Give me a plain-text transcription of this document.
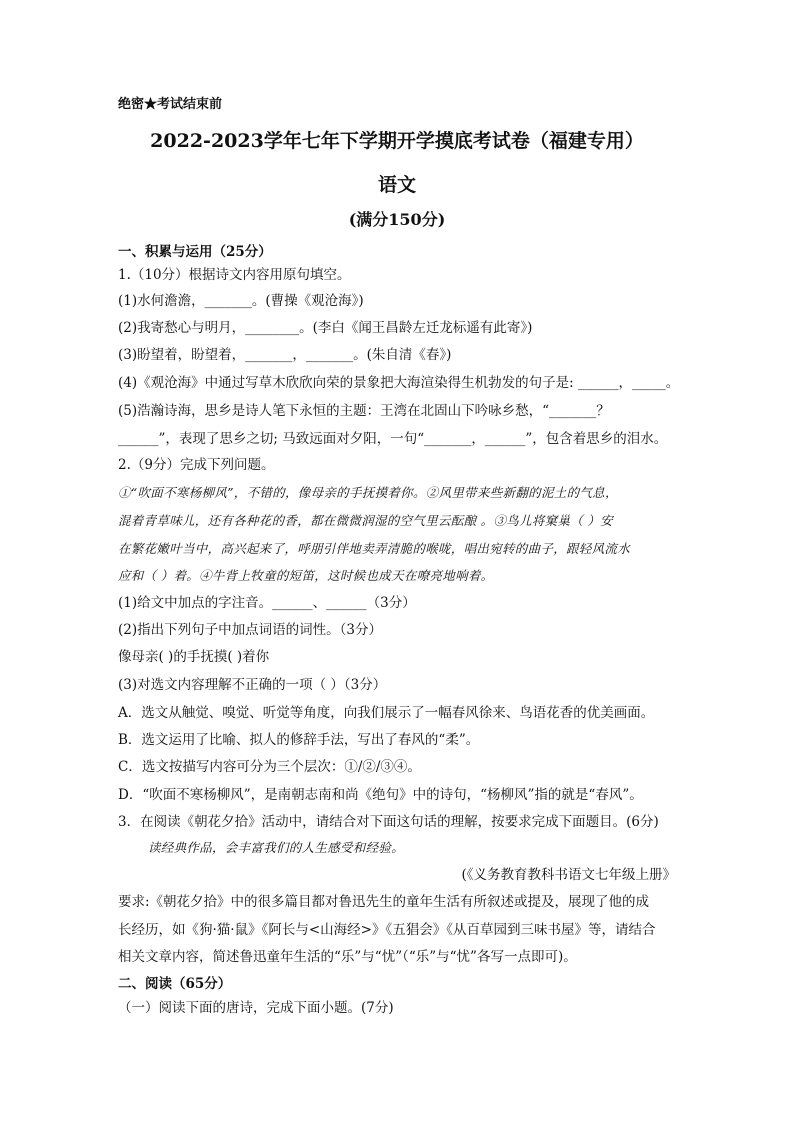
绝密★考试结束前
2022-2023学年七年下学期开学摸底考试卷（福建专用）
语文
(满分150分)
一、积累与运用（25分）
1.（10分）根据诗文内容用原句填空。
(1)水何澹澹，_______。(曹操《观沧海》)
(2)我寄愁心与明月，________。(李白《闻王昌龄左迁龙标遥有此寄》)
(3)盼望着，盼望着，_______，_______。(朱自清《春》)
(4)《观沧海》中通过写草木欣欣向荣的景象把大海渲染得生机勃发的句子是: ______，_____。
(5)浩瀚诗海，思乡是诗人笔下永恒的主题：王湾在北固山下吟咏乡愁，“_______？
______”，表现了思乡之切; 马致远面对夕阳，一句“_______，______”，包含着思乡的泪水。
2.（9分）完成下列问题。
①“吹面不寒杨柳风”，不错的，像母亲的手抚摸着你。②风里带来些新翻的泥土的气息，
混着青草味儿，还有各种花的香，都在微微润湿的空气里云酝酿 。③鸟儿将窠巢（ ）安
在繁花嫩叶当中，高兴起来了，呼朋引伴地卖弄清脆的喉咙，唱出宛转的曲子，跟轻风流水
应和（ ）着。④牛背上牧童的短笛，这时候也成天在嘹亮地响着。
(1)给文中加点的字注音。______、______（3分）
(2)指出下列句子中加点词语的词性。（3分）
像母亲( )的手抚摸( )着你
(3)对选文内容理解不正确的一项（ ）（3分）
A．选文从触觉、嗅觉、听觉等角度，向我们展示了一幅春风徐来、鸟语花香的优美画面。
B．选文运用了比喻、拟人的修辞手法，写出了春风的“柔”。
C．选文按描写内容可分为三个层次：①/②/③④。
D．“吹面不寒杨柳风”，是南朝志南和尚《绝句》中的诗句，“杨柳风”指的就是“春风”。
3．在阅读《朝花夕拾》活动中，请结合对下面这句话的理解，按要求完成下面题目。(6分)
读经典作品，会丰富我们的人生感受和经验。
(《义务教育教科书语文七年级上册》
要求:《朝花夕拾》中的很多篇目都对鲁迅先生的童年生活有所叙述或提及，展现了他的成
长经历，如《狗·猫·鼠》《阿长与<山海经>》《五猖会》《从百草园到三味书屋》等，请结合
相关文章内容，简述鲁迅童年生活的“乐”与“忧”（“乐”与“忧”各写一点即可)。
二、阅读（65分）
（一）阅读下面的唐诗，完成下面小题。(7分)
